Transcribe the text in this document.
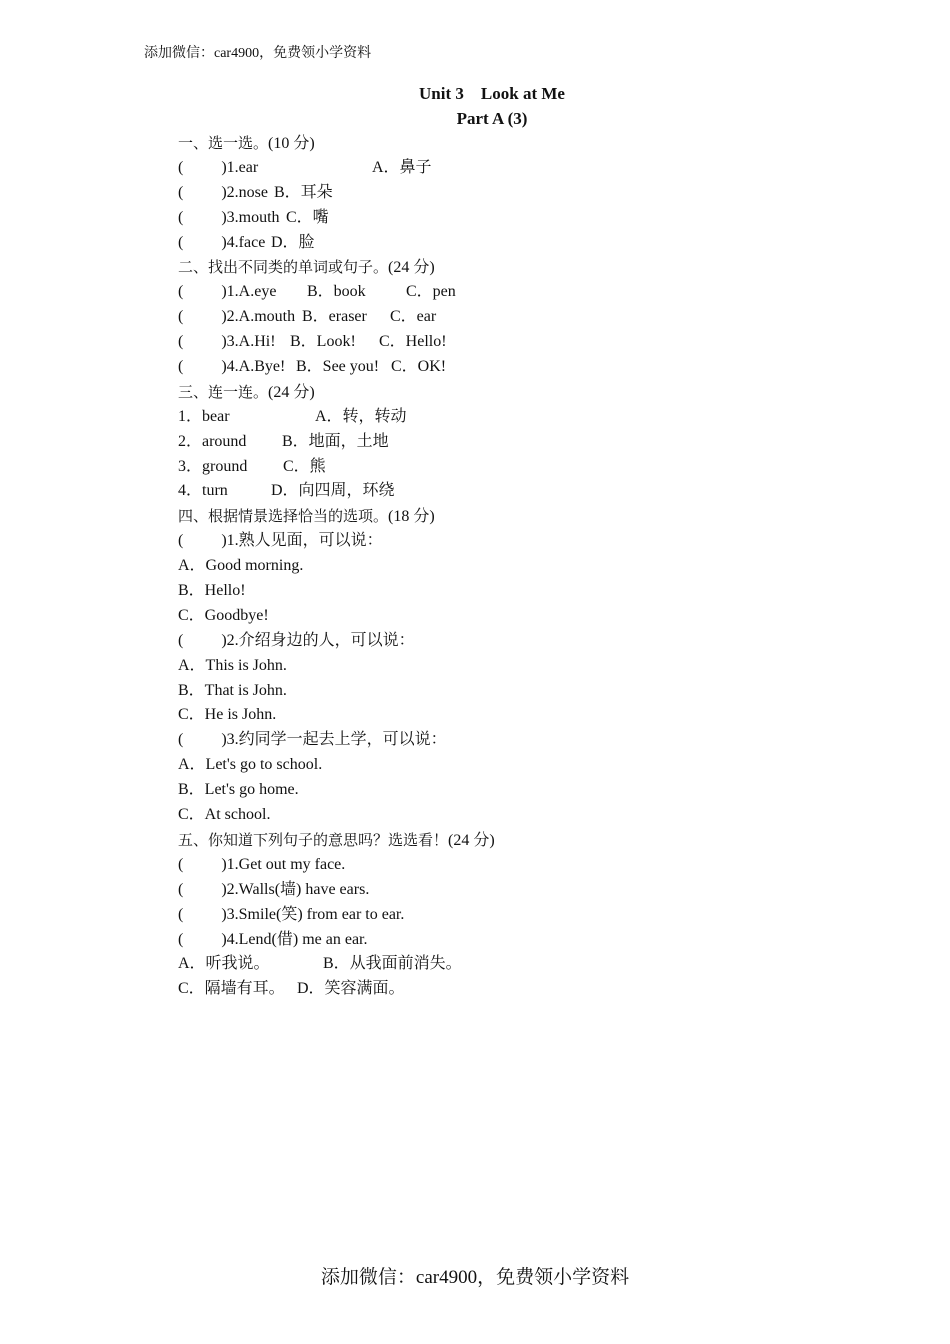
添加微信：car4900，免费领小学资料
Unit 3　Look at Me
Part A (3)
一、选一选。(10 分)
( )1.ear	A．鼻子
( )2.nose B．耳朵
( )3.mouth C．嘴
( )4.face D．脸
二、找出不同类的单词或句子。(24 分)
( )1.A.eye B．book	C．pen
( )2.A.mouth B．eraser C．ear
( )3.A.Hi! B．Look! C．Hello!
( )4.A.Bye! B．See you! C．OK!
三、连一连。(24 分)
1．bear	A．转，转动
2．around B．地面，土地
3．ground C．熊
4．turn	D．向四周，环绕
四、根据情景选择恰当的选项。(18 分)
( )1.熟人见面，可以说：
A．Good morning.
B．Hello!
C．Goodbye!
( )2.介绍身边的人，可以说：
A．This is John.
B．That is John.
C．He is John.
( )3.约同学一起去上学，可以说：
A．Let's go to school.
B．Let's go home.
C．At school.
五、你知道下列句子的意思吗？选选看！(24 分)
( )1.Get out my face.
( )2.Walls(墙) have ears.
( )3.Smile(笑) from ear to ear.
( )4.Lend(借) me an ear.
A．听我说。	B．从我面前消失。
C．隔墙有耳。 D．笑容满面。
添加微信：car4900，免费领小学资料
